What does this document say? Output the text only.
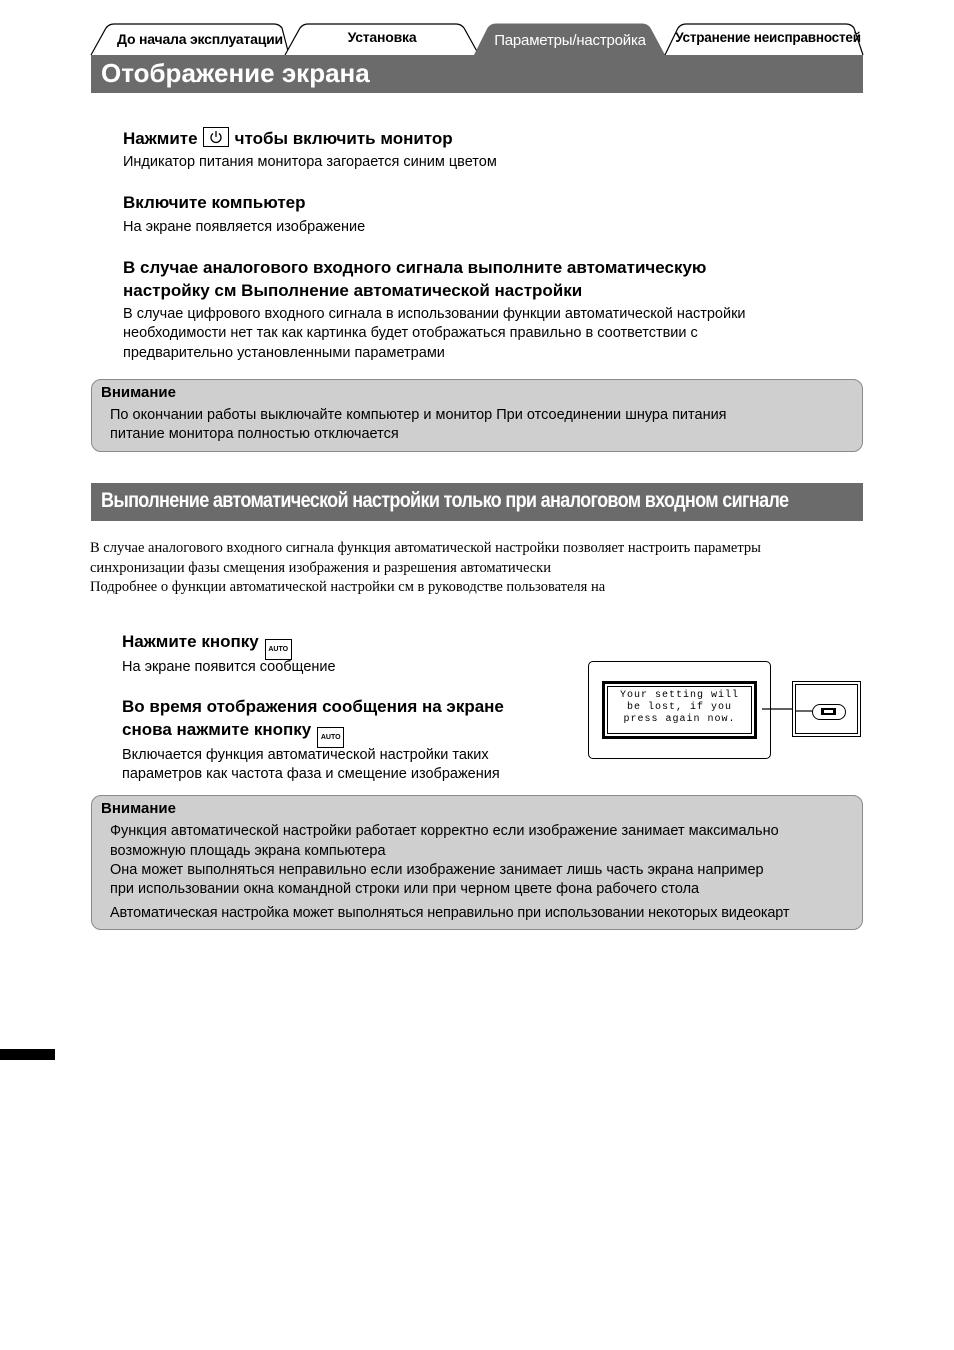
До начала эксплуатации	Установка	Параметры/настройка	Устранение неисправностей
Отображение экрана
Нажмите чтобы включить монитор
Индикатор питания монитора загорается синим цветом
Включите компьютер
На экране появляется изображение
В случае аналогового входного сигнала выполните автоматическую
настройку см Выполнение автоматической настройки
В случае цифрового входного сигнала в использовании функции автоматической настройки
необходимости нет так как картинка будет отображаться правильно в соответствии с
предварительно установленными параметрами
Внимание
По окончании работы выключайте компьютер и монитор При отсоединении шнура питания
питание монитора полностью отключается
Выполнение автоматической настройки только при аналоговом входном сигнале
В случае аналогового входного сигнала функция автоматической настройки позволяет настроить параметры
синхронизации фазы смещения изображения и разрешения автоматически
Подробнее о функции автоматической настройки см в руководстве пользователя на
Нажмите кнопку AUTO
На экране появится сообщение
Во время отображения сообщения на экране
снова нажмите кнопку AUTO
Включается функция автоматической настройки таких
параметров как частота фаза и смещение изображения
Your setting will
be lost, if you
press again now.
Внимание
Функция автоматической настройки работает корректно если изображение занимает максимально
возможную площадь экрана компьютера
Она может выполняться неправильно если изображение занимает лишь часть экрана например
при использовании окна командной строки или при черном цвете фона рабочего стола
Автоматическая настройка может выполняться неправильно при использовании некоторых видеокарт
